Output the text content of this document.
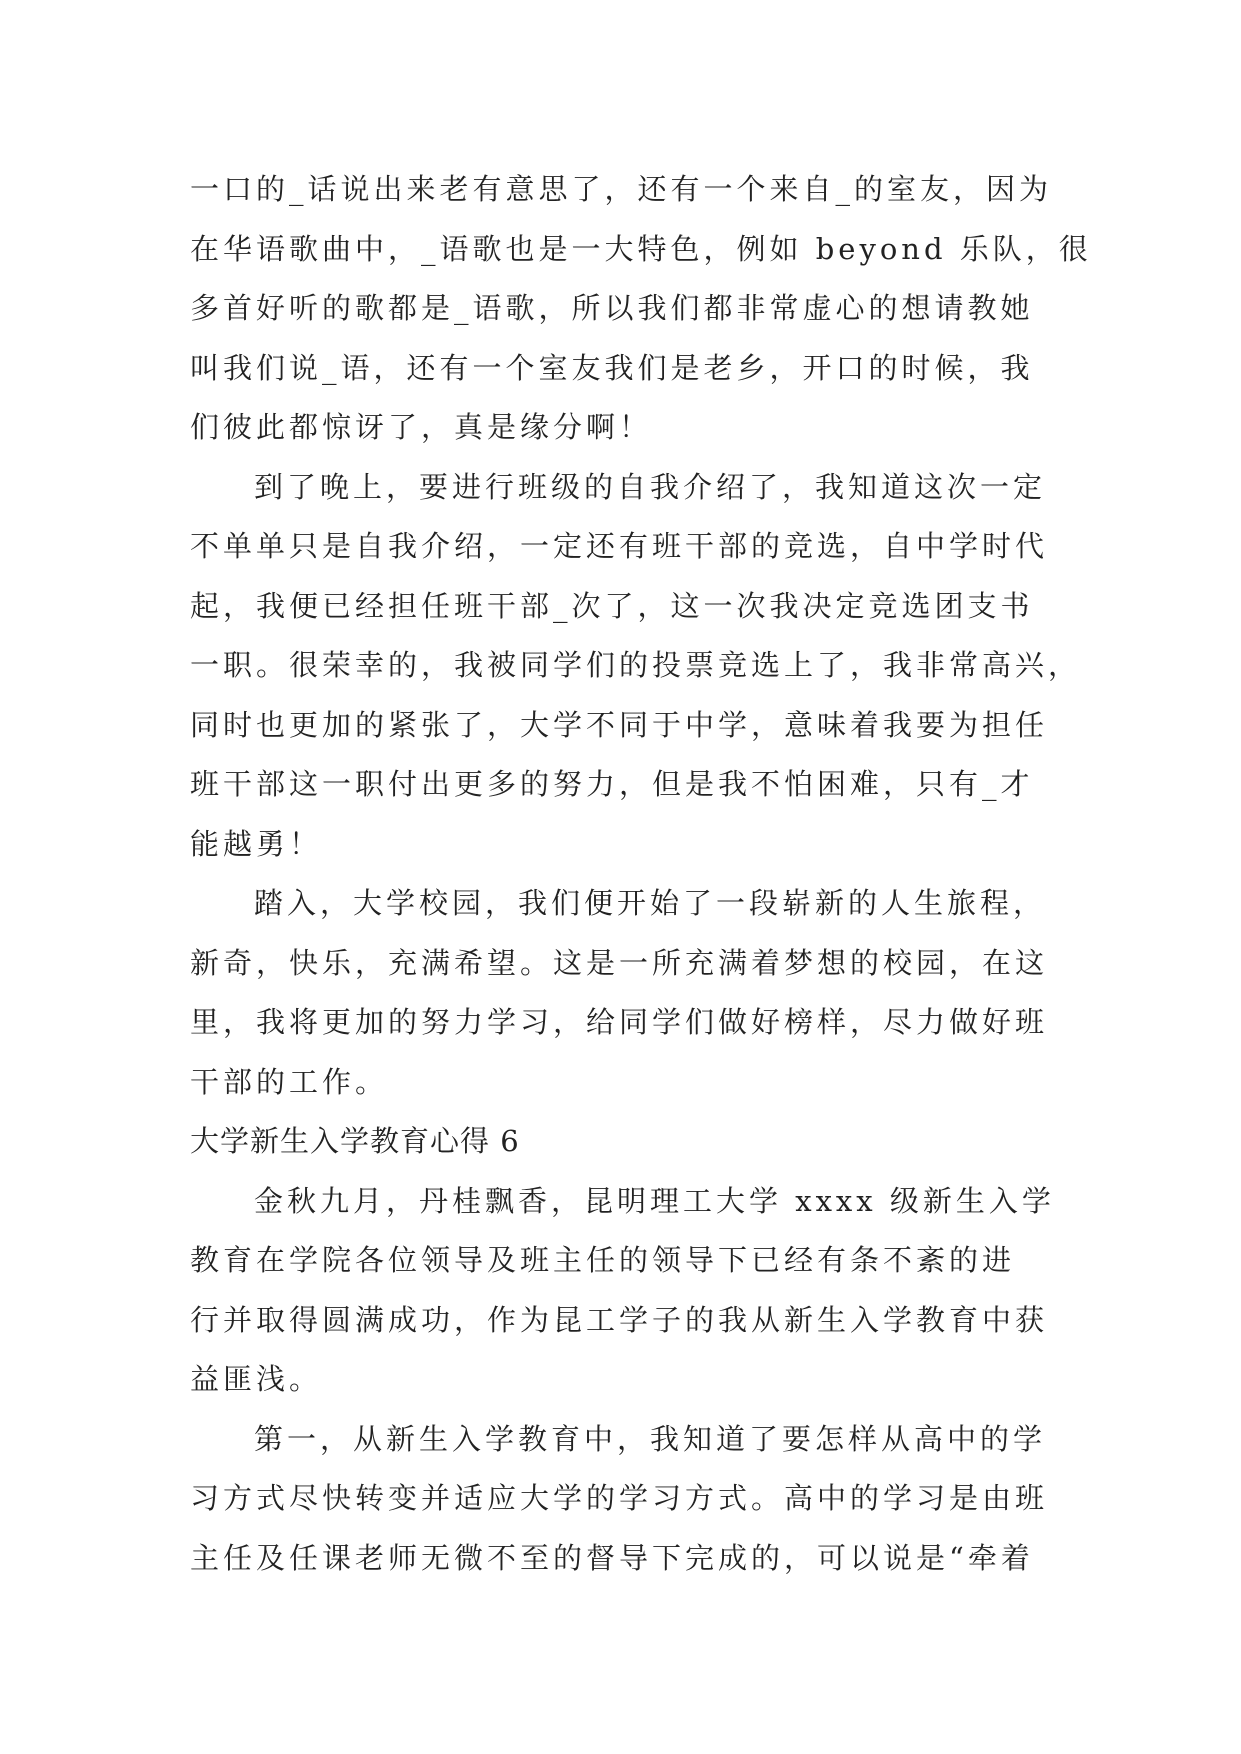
一口的_话说出来老有意思了，还有一个来自_的室友，因为
在华语歌曲中，_语歌也是一大特色，例如 beyond 乐队，很
多首好听的歌都是_语歌，所以我们都非常虚心的想请教她
叫我们说_语，还有一个室友我们是老乡，开口的时候，我
们彼此都惊讶了，真是缘分啊！
到了晚上，要进行班级的自我介绍了，我知道这次一定
不单单只是自我介绍，一定还有班干部的竞选，自中学时代
起，我便已经担任班干部_次了，这一次我决定竞选团支书
一职。很荣幸的，我被同学们的投票竞选上了，我非常高兴，
同时也更加的紧张了，大学不同于中学，意味着我要为担任
班干部这一职付出更多的努力，但是我不怕困难，只有_才
能越勇！
踏入，大学校园，我们便开始了一段崭新的人生旅程，
新奇，快乐，充满希望。这是一所充满着梦想的校园，在这
里，我将更加的努力学习，给同学们做好榜样，尽力做好班
干部的工作。
大学新生入学教育心得 6
金秋九月，丹桂飘香，昆明理工大学 xxxx 级新生入学
教育在学院各位领导及班主任的领导下已经有条不紊的进
行并取得圆满成功，作为昆工学子的我从新生入学教育中获
益匪浅。
第一，从新生入学教育中，我知道了要怎样从高中的学
习方式尽快转变并适应大学的学习方式。高中的学习是由班
主任及任课老师无微不至的督导下完成的，可以说是“牵着
